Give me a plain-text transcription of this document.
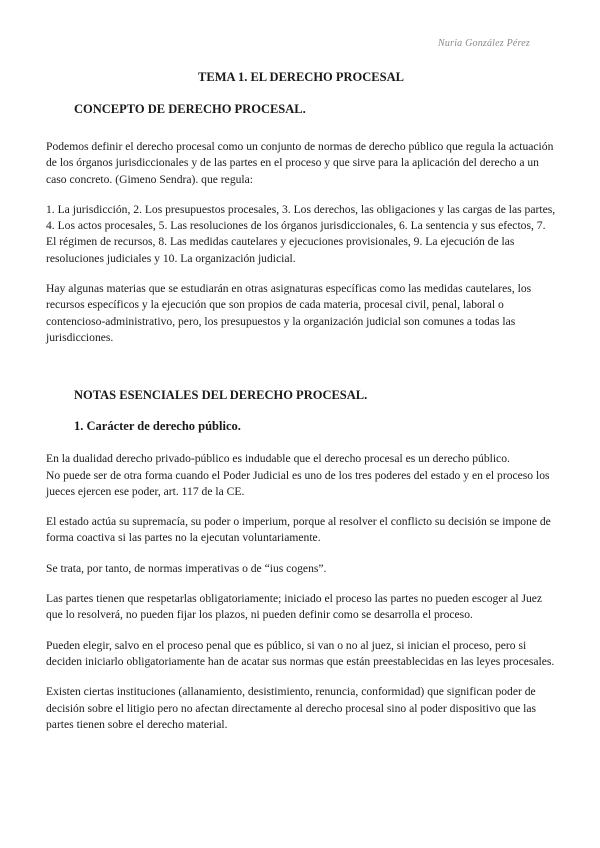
Nuria González Pérez
TEMA 1. EL DERECHO PROCESAL
CONCEPTO DE DERECHO PROCESAL.

Podemos definir el derecho procesal como un conjunto de normas de derecho público que regula la actuación de los órganos jurisdiccionales y de las partes en el proceso y que sirve para la aplicación del derecho a un caso concreto. (Gimeno Sendra). que regula:

1. La jurisdicción, 2. Los presupuestos procesales, 3. Los derechos, las obligaciones y las cargas de las partes, 4. Los actos procesales, 5. Las resoluciones de los órganos jurisdiccionales, 6. La sentencia y sus efectos, 7. El régimen de recursos, 8. Las medidas cautelares y ejecuciones provisionales, 9. La ejecución de las resoluciones judiciales y 10. La organización judicial.

Hay algunas materias que se estudiarán en otras asignaturas específicas como las medidas cautelares, los recursos específicos y la ejecución que son propios de cada materia, procesal civil, penal, laboral o contencioso-administrativo, pero, los presupuestos y la organización judicial son comunes a todas las jurisdicciones.

NOTAS ESENCIALES DEL DERECHO PROCESAL.
1. Carácter de derecho público.

En la dualidad derecho privado-público es indudable que el derecho procesal es un derecho público.
No puede ser de otra forma cuando el Poder Judicial es uno de los tres poderes del estado y en el proceso los jueces ejercen ese poder, art. 117 de la CE.

El estado actúa su supremacía, su poder o imperium, porque al resolver el conflicto su decisión se impone de forma coactiva si las partes no la ejecutan voluntariamente.

Se trata, por tanto, de normas imperativas o de “ius cogens”.

Las partes tienen que respetarlas obligatoriamente; iniciado el proceso las partes no pueden escoger al Juez que lo resolverá, no pueden fijar los plazos, ni pueden definir como se desarrolla el proceso.

Pueden elegir, salvo en el proceso penal que es público, si van o no al juez, si inician el proceso, pero si deciden iniciarlo obligatoriamente han de acatar sus normas que están preestablecidas en las leyes procesales.

Existen ciertas instituciones (allanamiento, desistimiento, renuncia, conformidad) que significan poder de decisión sobre el litigio pero no afectan directamente al derecho procesal sino al poder dispositivo que las partes tienen sobre el derecho material.
